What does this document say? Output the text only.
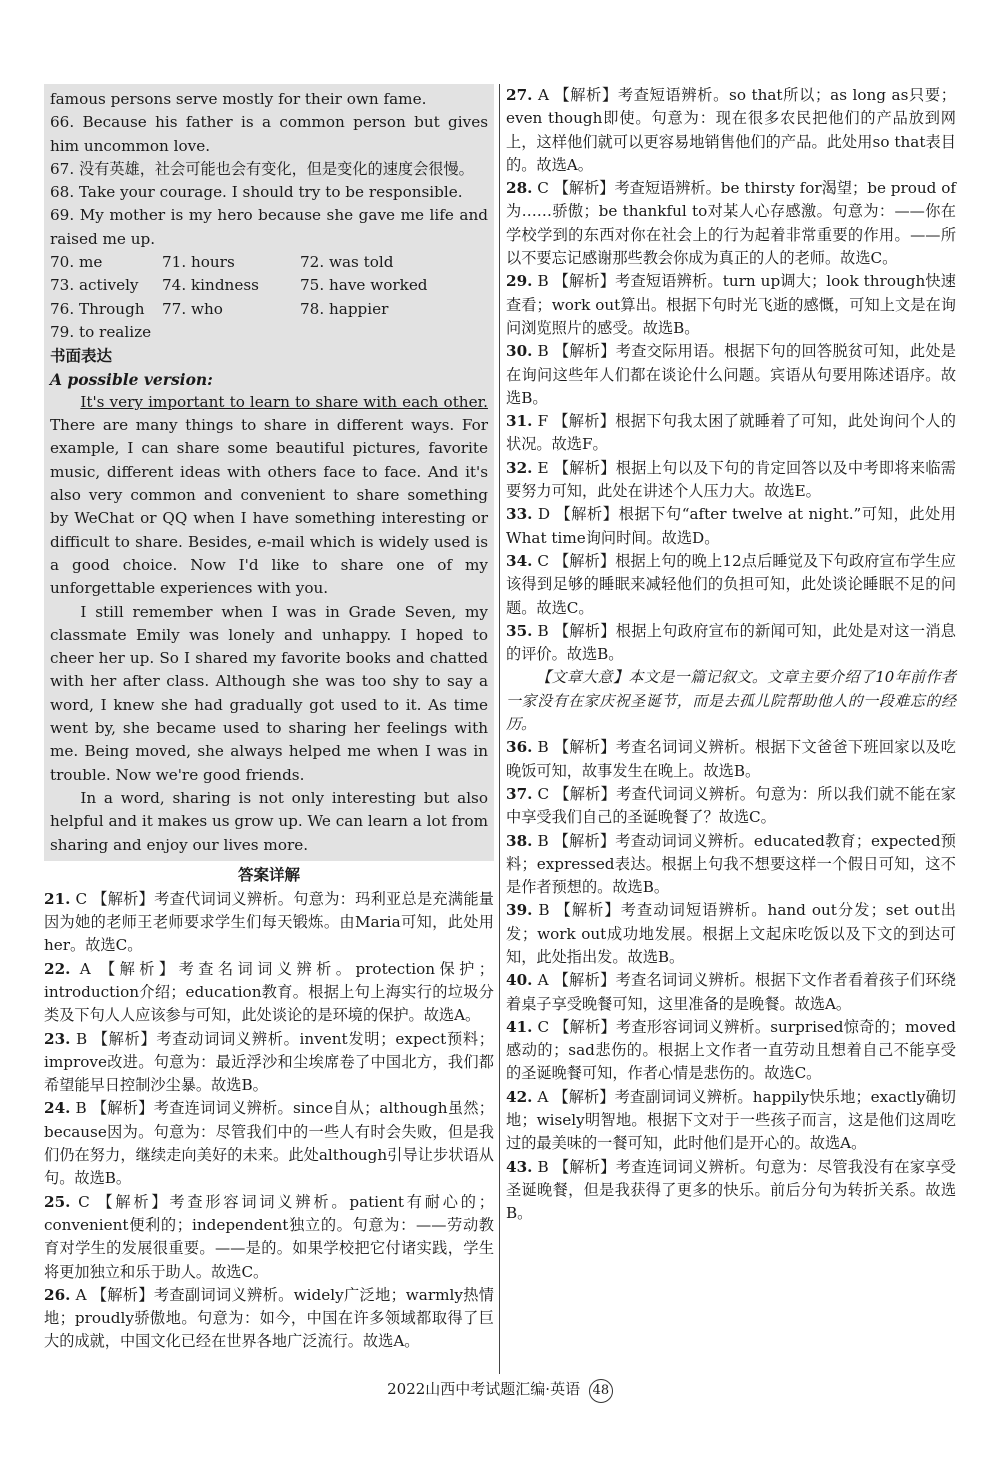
famous persons serve mostly for their own fame.

66. Because his father is a common person but gives him uncommon love.

67. 没有英雄，社会可能也会有变化，但是变化的速度会很慢。

68. Take your courage. I should try to be responsible.

69. My mother is my hero because she gave me life and raised me up.

70. me	71. hours	72. was told
73. actively	74. kindness	75. have worked
76. Through	77. who	78. happier
79. to realize

书面表达

A possible version:

It's very important to learn to share with each other. There are many things to share in different ways. For example, I can share some beautiful pictures, favorite music, different ideas with others face to face. And it's also very common and convenient to share something by WeChat or QQ when I have something interesting or difficult to share. Besides, e-mail which is widely used is a good choice. Now I'd like to share one of my unforgettable experiences with you.

I still remember when I was in Grade Seven, my classmate Emily was lonely and unhappy. I hoped to cheer her up. So I shared my favorite books and chatted with her after class. Although she was too shy to say a word, I knew she had gradually got used to it. As time went by, she became used to sharing her feelings with me. Being moved, she always helped me when I was in trouble. Now we're good friends.

In a word, sharing is not only interesting but also helpful and it makes us grow up. We can learn a lot from sharing and enjoy our lives more.

答案详解

21. C 【解析】考查代词词义辨析。句意为：玛利亚总是充满能量因为她的老师王老师要求学生们每天锻炼。由Maria可知，此处用her。故选C。

22. A 【解析】考查名词词义辨析。protection保护；introduction介绍；education教育。根据上句上海实行的垃圾分类及下句人人应该参与可知，此处谈论的是环境的保护。故选A。

23. B 【解析】考查动词词义辨析。invent发明；expect预料；improve改进。句意为：最近浮沙和尘埃席卷了中国北方，我们都希望能早日控制沙尘暴。故选B。

24. B 【解析】考查连词词义辨析。since自从；although虽然；because因为。句意为：尽管我们中的一些人有时会失败，但是我们仍在努力，继续走向美好的未来。此处although引导让步状语从句。故选B。

25. C 【解析】考查形容词词义辨析。patient有耐心的；convenient便利的；independent独立的。句意为：——劳动教育对学生的发展很重要。——是的。如果学校把它付诸实践，学生将更加独立和乐于助人。故选C。

26. A 【解析】考查副词词义辨析。widely广泛地；warmly热情地；proudly骄傲地。句意为：如今，中国在许多领域都取得了巨大的成就，中国文化已经在世界各地广泛流行。故选A。

27. A 【解析】考查短语辨析。so that所以；as long as只要；even though即使。句意为：现在很多农民把他们的产品放到网上，这样他们就可以更容易地销售他们的产品。此处用so that表目的。故选A。

28. C 【解析】考查短语辨析。be thirsty for渴望；be proud of为……骄傲；be thankful to对某人心存感激。句意为：——你在学校学到的东西对你在社会上的行为起着非常重要的作用。——所以不要忘记感谢那些教会你成为真正的人的老师。故选C。

29. B 【解析】考查短语辨析。turn up调大；look through快速查看；work out算出。根据下句时光飞逝的感慨，可知上文是在询问浏览照片的感受。故选B。

30. B 【解析】考查交际用语。根据下句的回答脱贫可知，此处是在询问这些年人们都在谈论什么问题。宾语从句要用陈述语序。故选B。

31. F 【解析】根据下句我太困了就睡着了可知，此处询问个人的状况。故选F。

32. E 【解析】根据上句以及下句的肯定回答以及中考即将来临需要努力可知，此处在讲述个人压力大。故选E。

33. D 【解析】根据下句“after twelve at night.”可知，此处用What time询问时间。故选D。

34. C 【解析】根据上句的晚上12点后睡觉及下句政府宣布学生应该得到足够的睡眠来减轻他们的负担可知，此处谈论睡眠不足的问题。故选C。

35. B 【解析】根据上句政府宣布的新闻可知，此处是对这一消息的评价。故选B。

【文章大意】本文是一篇记叙文。文章主要介绍了10年前作者一家没有在家庆祝圣诞节，而是去孤儿院帮助他人的一段难忘的经历。

36. B 【解析】考查名词词义辨析。根据下文爸爸下班回家以及吃晚饭可知，故事发生在晚上。故选B。

37. C 【解析】考查代词词义辨析。句意为：所以我们就不能在家中享受我们自己的圣诞晚餐了？故选C。

38. B 【解析】考查动词词义辨析。educated教育；expected预料；expressed表达。根据上句我不想要这样一个假日可知，这不是作者预想的。故选B。

39. B 【解析】考查动词短语辨析。hand out分发；set out出发；work out成功地发展。根据上文起床吃饭以及下文的到达可知，此处指出发。故选B。

40. A 【解析】考查名词词义辨析。根据下文作者看着孩子们环绕着桌子享受晚餐可知，这里准备的是晚餐。故选A。

41. C 【解析】考查形容词词义辨析。surprised惊奇的；moved感动的；sad悲伤的。根据上文作者一直劳动且想着自己不能享受的圣诞晚餐可知，作者心情是悲伤的。故选C。

42. A 【解析】考查副词词义辨析。happily快乐地；exactly确切地；wisely明智地。根据下文对于一些孩子而言，这是他们这周吃过的最美味的一餐可知，此时他们是开心的。故选A。

43. B 【解析】考查连词词义辨析。句意为：尽管我没有在家享受圣诞晚餐，但是我获得了更多的快乐。前后分句为转折关系。故选B。

2022山西中考试题汇编·英语 48
